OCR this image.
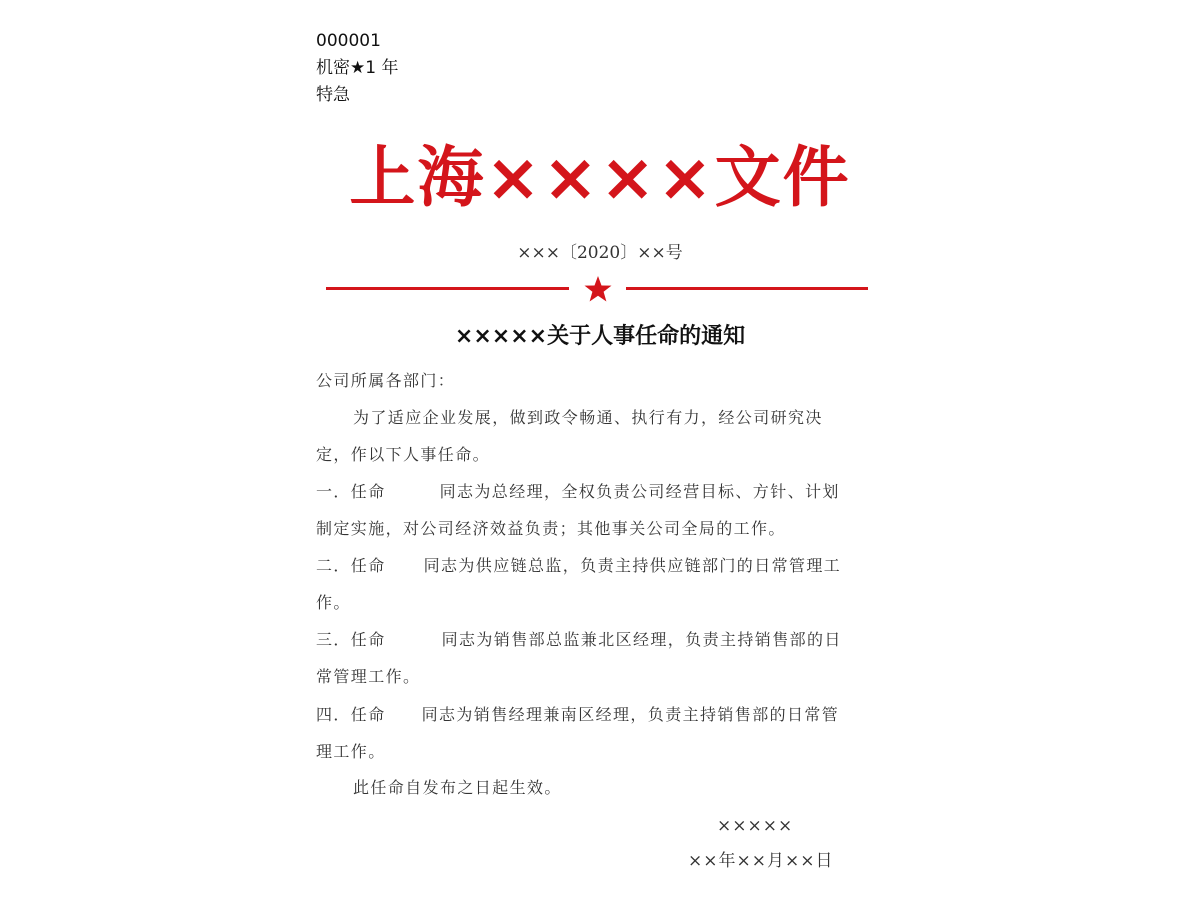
000001
机密★1 年
特急
上海××××文件
×××〔2020〕××号
×××××关于人事任命的通知
公司所属各部门：
为了适应企业发展，做到政令畅通、执行有力，经公司研究决
定，作以下人事任命。
一．任命	同志为总经理，全权负责公司经营目标、方针、计划
制定实施，对公司经济效益负责；其他事关公司全局的工作。
二．任命 同志为供应链总监，负责主持供应链部门的日常管理工
作。
三．任命	同志为销售部总监兼北区经理，负责主持销售部的日
常管理工作。
四．任命 同志为销售经理兼南区经理，负责主持销售部的日常管
理工作。
此任命自发布之日起生效。
×××××
××年××月××日
